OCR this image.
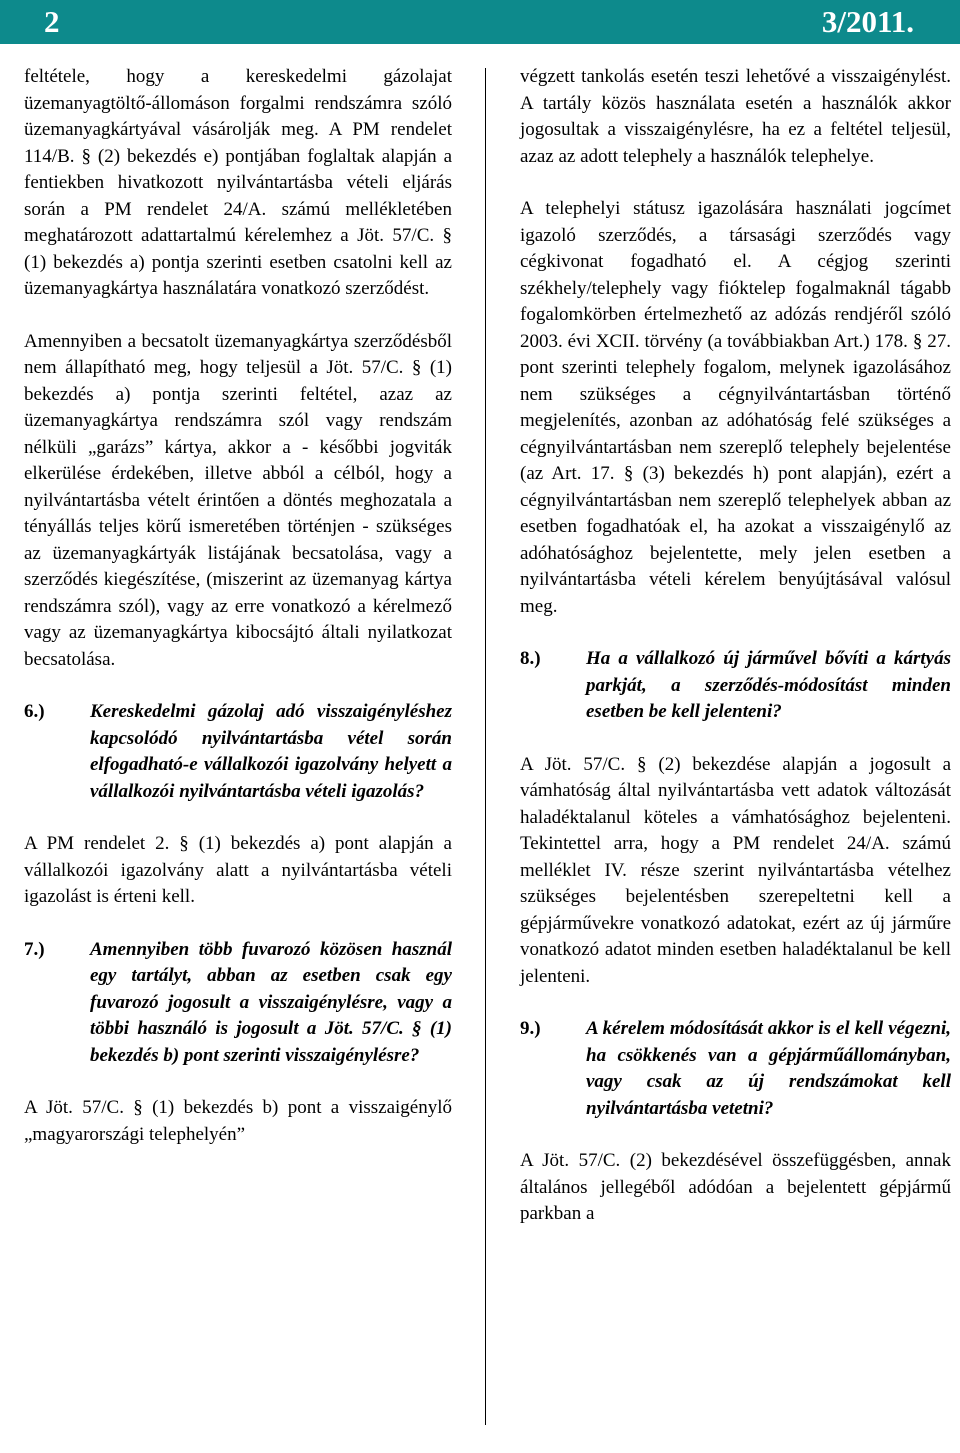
2	3/2011.

feltétele, hogy a kereskedelmi gázolajat üzemanyagtöltő-állomáson forgalmi rendszámra szóló üzemanyagkártyával vásárolják meg. A PM rendelet 114/B. § (2) bekezdés e) pontjában foglaltak alapján a fentiekben hivatkozott nyilvántartásba vételi eljárás során a PM rendelet 24/A. számú mellékletében meghatározott adattartalmú kérelemhez a Jöt. 57/C. § (1) bekezdés a) pontja szerinti esetben csatolni kell az üzemanyagkártya használatára vonatkozó szerződést.

Amennyiben a becsatolt üzemanyagkártya szerződésből nem állapítható meg, hogy teljesül a Jöt. 57/C. § (1) bekezdés a) pontja szerinti feltétel, azaz az üzemanyagkártya rendszámra szól vagy rendszám nélküli „garázs” kártya, akkor a - későbbi jogviták elkerülése érdekében, illetve abból a célból, hogy a nyilvántartásba vételt érintően a döntés meghozatala a tényállás teljes körű ismeretében történjen - szükséges az üzemanyagkártyák listájának becsatolása, vagy a szerződés kiegészítése, (miszerint az üzemanyag kártya rendszámra szól), vagy az erre vonatkozó a kérelmező vagy az üzemanyagkártya kibocsájtó általi nyilatkozat becsatolása.

6.)	Kereskedelmi gázolaj adó visszaigényléshez kapcsolódó nyilvántartásba vétel során elfogadható-e vállalkozói igazolvány helyett a vállalkozói nyilvántartásba vételi igazolás?

A PM rendelet 2. § (1) bekezdés a) pont alapján a vállalkozói igazolvány alatt a nyilvántartásba vételi igazolást is érteni kell.

7.)	Amennyiben több fuvarozó közösen használ egy tartályt, abban az esetben csak egy fuvarozó jogosult a visszaigénylésre, vagy a többi használó is jogosult a Jöt. 57/C. § (1) bekezdés b) pont szerinti visszaigénylésre?

A Jöt. 57/C. § (1) bekezdés b) pont a visszaigénylő „magyarországi telephelyén”

végzett tankolás esetén teszi lehetővé a visszaigénylést. A tartály közös használata esetén a használók akkor jogosultak a visszaigénylésre, ha ez a feltétel teljesül, azaz az adott telephely a használók telephelye.

A telephelyi státusz igazolására használati jogcímet igazoló szerződés, a társasági szerződés vagy cégkivonat fogadható el. A cégjog szerinti székhely/telephely vagy fióktelep fogalmaknál tágabb fogalomkörben értelmezhető az adózás rendjéről szóló 2003. évi XCII. törvény (a továbbiakban Art.) 178. § 27. pont szerinti telephely fogalom, melynek igazolásához nem szükséges a cégnyilvántartásban történő megjelenítés, azonban az adóhatóság felé szükséges a cégnyilvántartásban nem szereplő telephely bejelentése (az Art. 17. § (3) bekezdés h) pont alapján), ezért a cégnyilvántartásban nem szereplő telephelyek abban az esetben fogadhatóak el, ha azokat a visszaigénylő az adóhatósághoz bejelentette, mely jelen esetben a nyilvántartásba vételi kérelem benyújtásával valósul meg.

8.)	Ha a vállalkozó új járművel bővíti a kártyás parkját, a szerződés-módosítást minden esetben be kell jelenteni?

A Jöt. 57/C. § (2) bekezdése alapján a jogosult a vámhatóság által nyilvántartásba vett adatok változását haladéktalanul köteles a vámhatósághoz bejelenteni. Tekintettel arra, hogy a PM rendelet 24/A. számú melléklet IV. része szerint nyilvántartásba vételhez szükséges bejelentésben szerepeltetni kell a gépjárművekre vonatkozó adatokat, ezért az új járműre vonatkozó adatot minden esetben haladéktalanul be kell jelenteni.

9.)	A kérelem módosítását akkor is el kell végezni, ha csökkenés van a gépjárműállományban, vagy csak az új rendszámokat kell nyilvántartásba vetetni?

A Jöt. 57/C. (2) bekezdésével összefüggésben, annak általános jellegéből adódóan a bejelentett gépjármű parkban a
